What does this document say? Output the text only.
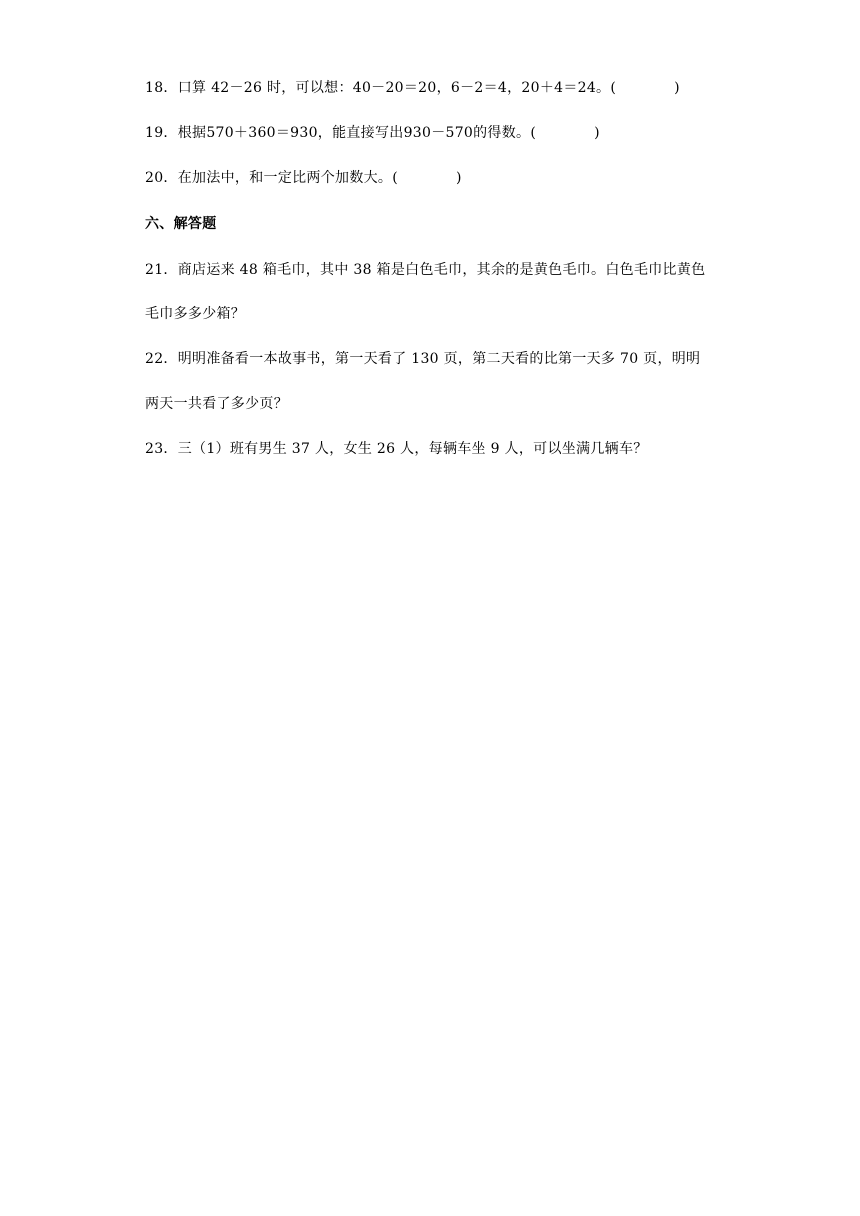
18．口算 42－26 时，可以想：40－20＝20，6－2＝4，20＋4＝24。(	)
19．根据570＋360＝930，能直接写出930－570的得数。(	)
20．在加法中，和一定比两个加数大。(	)
六、解答题
21．商店运来 48 箱毛巾，其中 38 箱是白色毛巾，其余的是黄色毛巾。白色毛巾比黄色
毛巾多多少箱？
22．明明准备看一本故事书，第一天看了 130 页，第二天看的比第一天多 70 页，明明
两天一共看了多少页？
23．三（1）班有男生 37 人，女生 26 人，每辆车坐 9 人，可以坐满几辆车？
